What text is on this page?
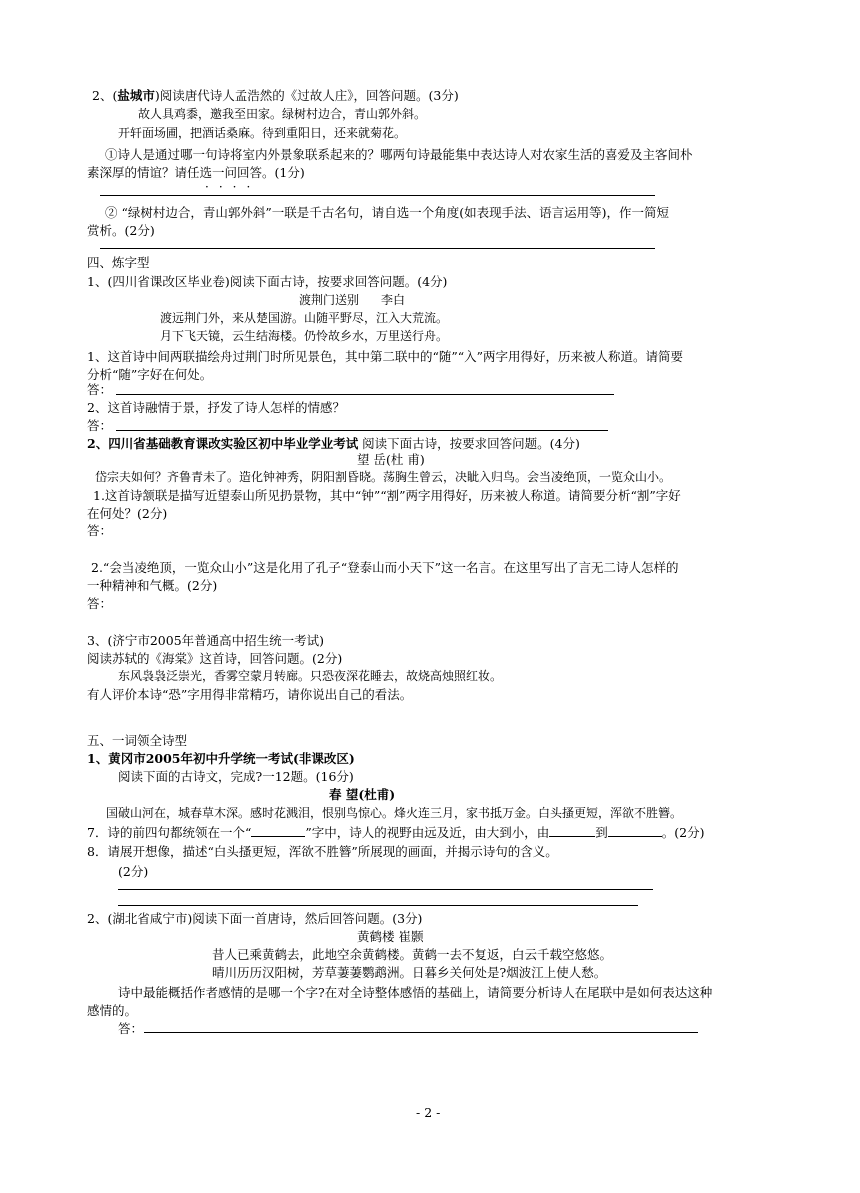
2、(盐城市)阅读唐代诗人孟浩然的《过故人庄》，回答问题。(3分)
故人具鸡黍，邀我至田家。绿树村边合，青山郭外斜。
开轩面场圃，把酒话桑麻。待到重阳日，还来就菊花。
①诗人是通过哪一句诗将室内外景象联系起来的？哪两句诗最能集中表达诗人对农家生活的喜爱及主客间朴
素深厚的情谊？请任选一问回答。(1分)
····
② “绿树村边合，青山郭外斜”一联是千古名句，请自选一个角度(如表现手法、语言运用等)，作一简短
赏析。(2分)
四、炼字型
1、(四川省课改区毕业卷)阅读下面古诗，按要求回答问题。(4分)
渡荆门送别 李白
渡远荆门外，来从楚国游。山随平野尽，江入大荒流。
月下飞天镜，云生结海楼。仍怜故乡水，万里送行舟。
1、这首诗中间两联描绘舟过荆门时所见景色，其中第二联中的“随”“入”两字用得好，历来被人称道。请简要
分析“随”字好在何处。
答：
2、这首诗融情于景，抒发了诗人怎样的情感？
答：
2、四川省基础教育课改实验区初中毕业学业考试 阅读下面古诗，按要求回答问题。(4分)
望 岳(杜 甫)
岱宗夫如何？齐鲁青未了。造化钟神秀，阴阳割昏晓。荡胸生曾云，决眦入归鸟。会当凌绝顶，一览众山小。
1.这首诗颔联是描写近望泰山所见扔景物，其中“钟”“割”两字用得好，历来被人称道。请简要分析“割”字好
在何处？(2分)
答：
2.“会当凌绝顶，一览众山小”这是化用了孔子“登泰山而小天下”这一名言。在这里写出了言无二诗人怎样的
一种精神和气概。(2分)
答：
3、(济宁市2005年普通高中招生统一考试)
阅读苏轼的《海棠》这首诗，回答问题。(2分)
东风袅袅泛崇光，香雾空蒙月转廊。只恐夜深花睡去，故烧高烛照红妆。
有人评价本诗“恐”字用得非常精巧，请你说出自己的看法。
五、一词领全诗型
1、黄冈市2005年初中升学统一考试(非课改区)
阅读下面的古诗文，完成?一12题。(16分)
春 望(杜甫)
国破山河在，城春草木深。感时花溅泪，恨别鸟惊心。烽火连三月，家书抵万金。白头搔更短，浑欲不胜簪。
7．诗的前四句都统领在一个“	”字中，诗人的视野由远及近，由大到小，由	到	。(2分)
8．请展开想像，描述“白头搔更短，浑欲不胜簪”所展现的画面，并揭示诗句的含义。
(2分)
2、(湖北省咸宁市)阅读下面一首唐诗，然后回答问题。(3分)
黄鹤楼 崔颢
昔人已乘黄鹤去，此地空余黄鹤楼。黄鹤一去不复返，白云千载空悠悠。
晴川历历汉阳树，芳草萋萋鹦鹉洲。日暮乡关何处是?烟波江上使人愁。
诗中最能概括作者感情的是哪一个字?在对全诗整体感悟的基础上，请简要分析诗人在尾联中是如何表达这种
感情的。
答：
- 2 -
